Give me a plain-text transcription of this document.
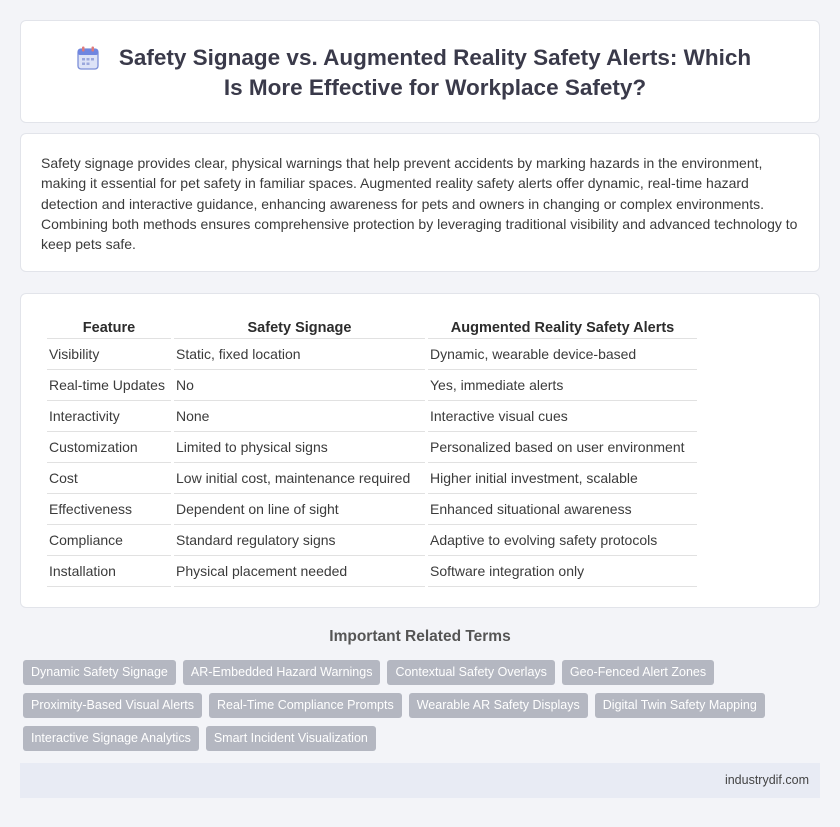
Safety Signage vs. Augmented Reality Safety Alerts: Which Is More Effective for Workplace Safety?

Safety signage provides clear, physical warnings that help prevent accidents by marking hazards in the environment, making it essential for pet safety in familiar spaces. Augmented reality safety alerts offer dynamic, real-time hazard detection and interactive guidance, enhancing awareness for pets and owners in changing or complex environments. Combining both methods ensures comprehensive protection by leveraging traditional visibility and advanced technology to keep pets safe.

Feature	Safety Signage	Augmented Reality Safety Alerts
Visibility	Static, fixed location	Dynamic, wearable device-based
Real-time Updates	No	Yes, immediate alerts
Interactivity	None	Interactive visual cues
Customization	Limited to physical signs	Personalized based on user environment
Cost	Low initial cost, maintenance required	Higher initial investment, scalable
Effectiveness	Dependent on line of sight	Enhanced situational awareness
Compliance	Standard regulatory signs	Adaptive to evolving safety protocols
Installation	Physical placement needed	Software integration only
Important Related Terms
Dynamic Safety Signage	AR-Embedded Hazard Warnings	Contextual Safety Overlays	Geo-Fenced Alert Zones
Proximity-Based Visual Alerts	Real-Time Compliance Prompts	Wearable AR Safety Displays	Digital Twin Safety Mapping
Interactive Signage Analytics	Smart Incident Visualization
industrydif.com
